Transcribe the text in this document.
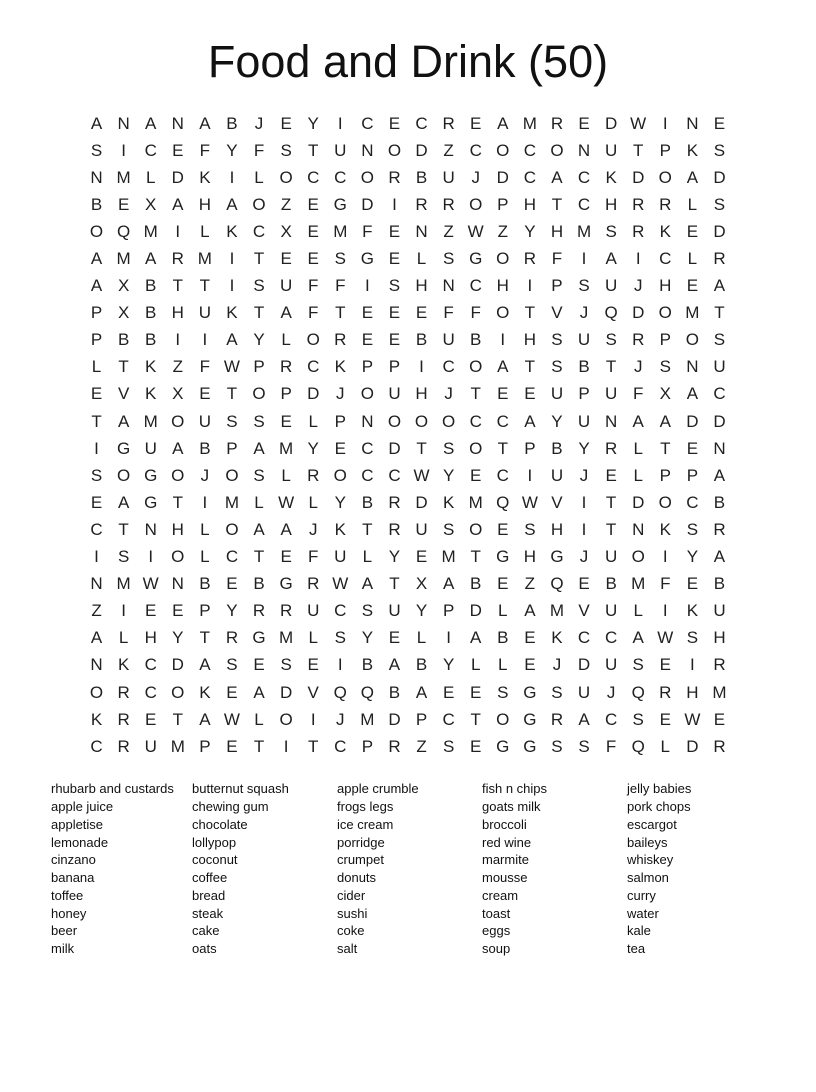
Food and Drink (50)
A N A N A B	J	E Y	I	C E C R E A M R E D W I	N E
S	I	C E F Y F S T U N O D Z C O C O N U T P K S
N M L D K	I	L O C C O R B U J D C A C K D O A D
B E X A H A O Z E G D	I	R R O P H T C H R R L S
O Q M	I	L K C X E M F E N Z W Z Y H M S R K E D
A M A R M	I	T E E S G E L S G O R F	I	A	I	C L R
A X B T T	I	S U F F	I	S H N C H	I	P S U J H E A
P X B H U K T A F T E E E F F O T V	J Q D O M T
P B B	I	I	A Y L O R E E B U B	I	H S U S R P O S
L	T K Z F W P R C K P P	I	C O A T S B T	J	S N U
E V K X E T O P D J O U H J	T E E U P U F X A C
T A M O U S S E L P N O O O C C A Y U N A A D D
I	G U A B P A M Y E C D T S O T P B Y R L	T E N
S O G O J O S L R O C C W Y E C	I	U J	E L P P A
E A G T	I	M L W L Y B R D K M Q W V	I	T D O C B
C T N H L O A A	J	K T R U S O E S H	I	T N K S R
I	S	I	O L C T E F U L Y E M T G H G J U O	I	Y A
N M W N B E B G R W A T X A B E Z Q E B M F E B
Z	I	E E P Y R R U C S U Y P D L A M V U L	I	K U
A L H Y T R G M L S Y E L	I	A B E K C C A W S H
N K C D A S E S E	I	B A B Y L	L E	J D U S E	I	R
O R C O K E A D V Q Q B A E E S G S U J Q R H M
K R E T A W L O	I	J M D P C T O G R A C S E W E
C R U M P E T	I	T C P R Z S E G G S S F Q L D R
rhubarb and custards
apple juice
appletise
lemonade
cinzano
banana
toffee
honey
beer
milk
butternut squash
chewing gum
chocolate
lollypop
coconut
coffee
bread
steak
cake
oats
apple crumble
frogs legs
ice cream
porridge
crumpet
donuts
cider
sushi
coke
salt
fish n chips
goats milk
broccoli
red wine
marmite
mousse
cream
toast
eggs
soup
jelly babies
pork chops
escargot
baileys
whiskey
salmon
curry
water
kale
tea
